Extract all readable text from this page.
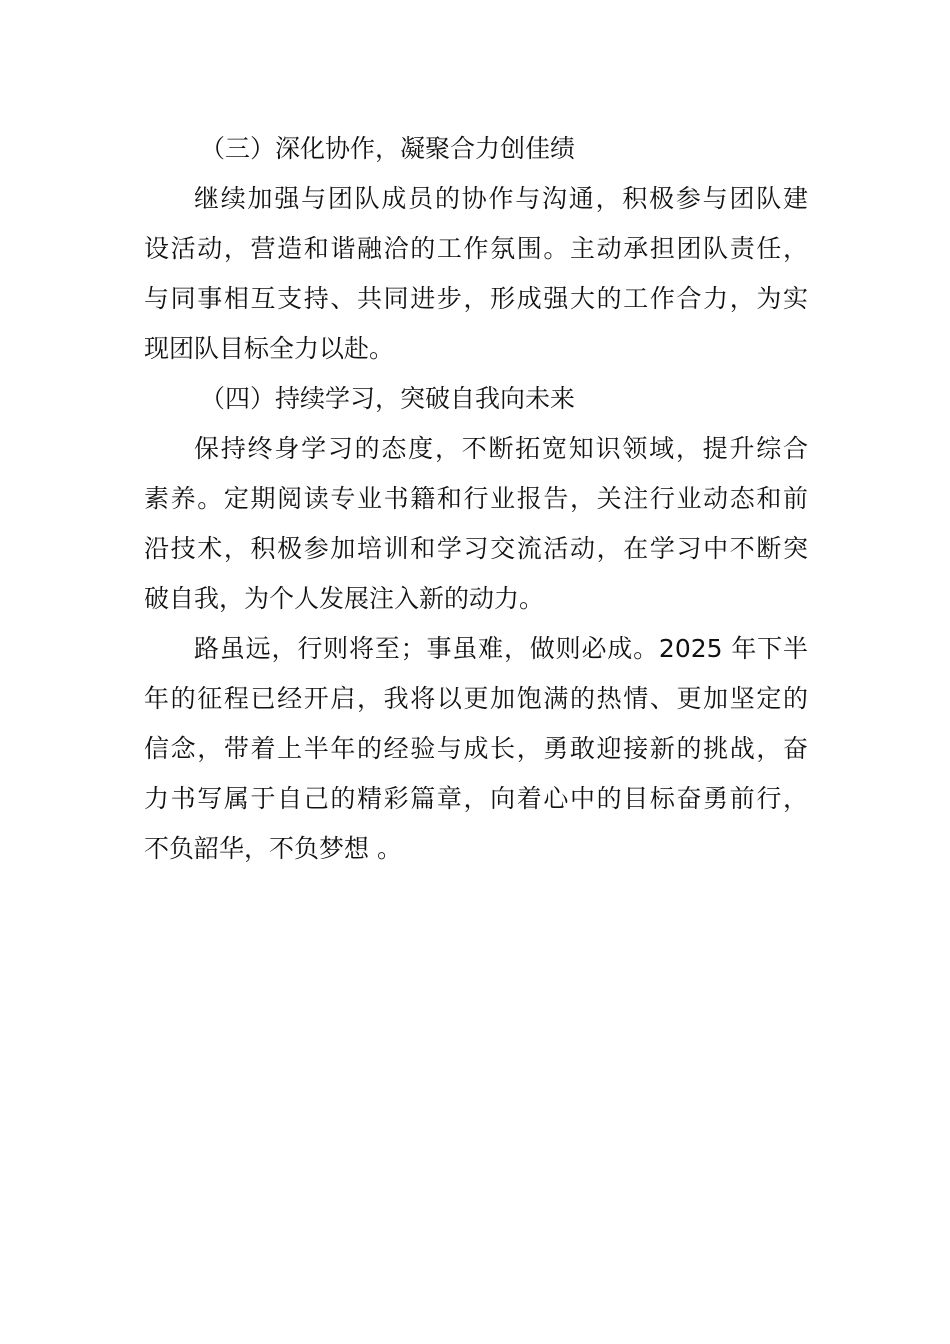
（三）深化协作，凝聚合力创佳绩

继续加强与团队成员的协作与沟通，积极参与团队建
设活动，营造和谐融洽的工作氛围。主动承担团队责任，
与同事相互支持、共同进步，形成强大的工作合力，为实
现团队目标全力以赴。

（四）持续学习，突破自我向未来

保持终身学习的态度，不断拓宽知识领域，提升综合
素养。定期阅读专业书籍和行业报告，关注行业动态和前
沿技术，积极参加培训和学习交流活动，在学习中不断突
破自我，为个人发展注入新的动力。
路虽远，行则将至；事虽难，做则必成。2025 年下半
年的征程已经开启，我将以更加饱满的热情、更加坚定的
信念，带着上半年的经验与成长，勇敢迎接新的挑战，奋
力书写属于自己的精彩篇章，向着心中的目标奋勇前行，
不负韶华，不负梦想 。
